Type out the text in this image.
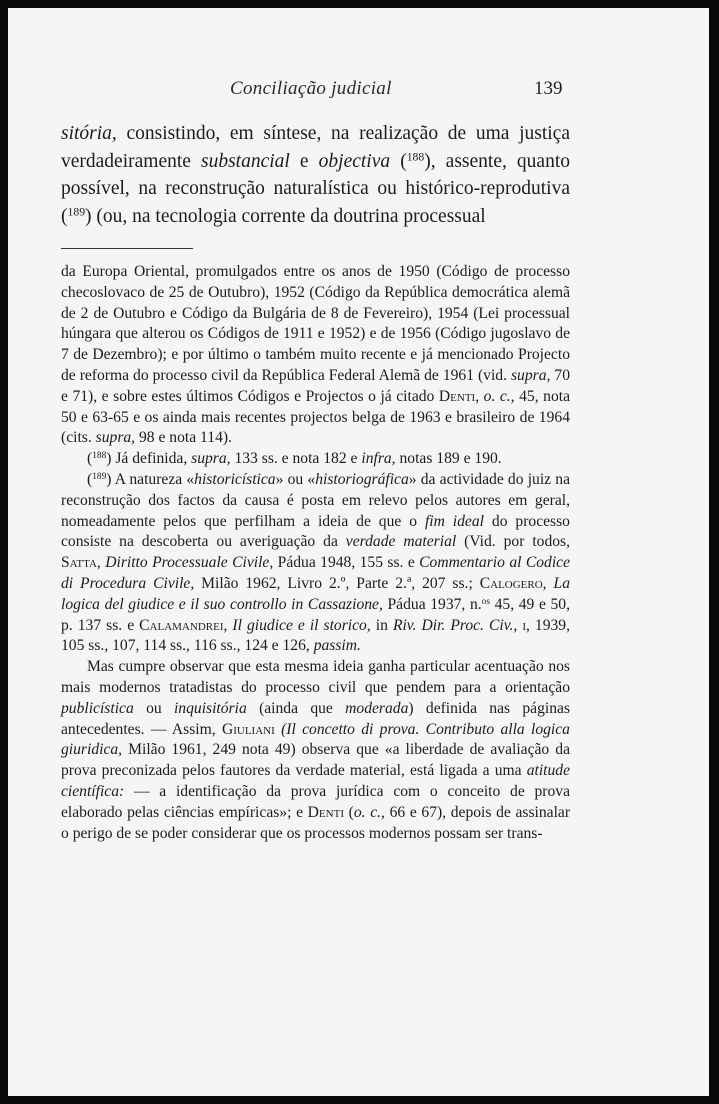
Conciliação judicial	139

sitória, consistindo, em síntese, na realização de uma justiça verdadeiramente substancial e objectiva ($^{188}$), assente, quanto possível, na reconstrução naturalística ou histórico-reprodutiva ($^{189}$) (ou, na tecnologia corrente da doutrina processual

da Europa Oriental, promulgados entre os anos de 1950 (Código de processo checoslovaco de 25 de Outubro), 1952 (Código da República democrática alemã de 2 de Outubro e Código da Bulgária de 8 de Fevereiro), 1954 (Lei processual húngara que alterou os Códigos de 1911 e 1952) e de 1956 (Código jugoslavo de 7 de Dezembro); e por último o também muito recente e já mencionado Projecto de reforma do processo civil da República Federal Alemã de 1961 (vid. supra, 70 e 71), e sobre estes últimos Códigos e Projectos o já citado Denti, o. c., 45, nota 50 e 63-65 e os ainda mais recentes projectos belga de 1963 e brasileiro de 1964 (cits. supra, 98 e nota 114).

($^{188}$) Já definida, supra, 133 ss. e nota 182 e infra, notas 189 e 190.

($^{189}$) A natureza «historicística» ou «historiográfica» da actividade do juiz na reconstrução dos factos da causa é posta em relevo pelos autores em geral, nomeadamente pelos que perfilham a ideia de que o fim ideal do processo consiste na descoberta ou averiguação da verdade material (Vid. por todos, Satta, Diritto Processuale Civile, Pádua 1948, 155 ss. e Commentario al Codice di Procedura Civile, Milão 1962, Livro 2.º, Parte 2.ª, 207 ss.; Calogero, La logica del giudice e il suo controllo in Cassazione, Pádua 1937, n.$^{os}$ 45, 49 e 50, p. 137 ss. e Calamandrei, Il giudice e il storico, in Riv. Dir. Proc. Civ., i, 1939, 105 ss., 107, 114 ss., 116 ss., 124 e 126, passim.

Mas cumpre observar que esta mesma ideia ganha particular acentuação nos mais modernos tratadistas do processo civil que pendem para a orientação publicística ou inquisitória (ainda que moderada) definida nas páginas antecedentes. — Assim, Giuliani (Il concetto di prova. Contributo alla logica giuridica, Milão 1961, 249 nota 49) observa que «a liberdade de avaliação da prova preconizada pelos fautores da verdade material, está ligada a uma atitude científica: — a identificação da prova jurídica com o conceito de prova elaborado pelas ciências empíricas»; e Denti (o. c., 66 e 67), depois de assinalar o perigo de se poder considerar que os processos modernos possam ser trans-
